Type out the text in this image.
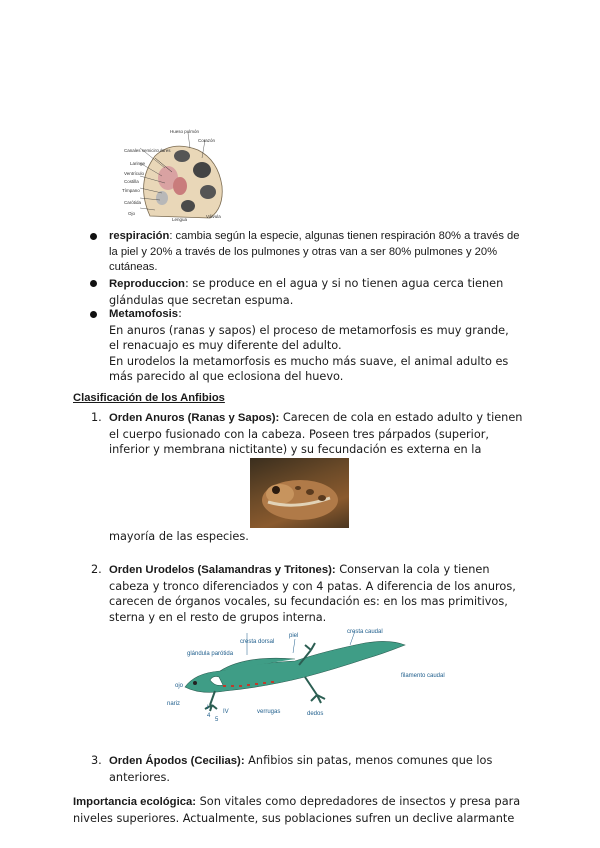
Hueso pulmón
Corazón
Canales semicirculares
Laringe
Ventrículo
Costilla
Tímpano
Carótida
Ojo
Lengua
Válvula
respiración: cambia según la especie, algunas tienen respiración 80% a través de la piel y 20% a través de los pulmones y otras van a ser 80% pulmones y 20% cutáneas.
Reproduccion: se produce en el agua y si no tienen agua cerca tienen glándulas que secretan espuma.
Metamofosis:
En anuros (ranas y sapos) el proceso de metamorfosis es muy grande, el renacuajo es muy diferente del adulto.
En urodelos la metamorfosis es mucho más suave, el animal adulto es más parecido al que eclosiona del huevo.
Clasificación de los Anfibios
1. Orden Anuros (Ranas y Sapos): Carecen de cola en estado adulto y tienen el cuerpo fusionado con la cabeza. Poseen tres párpados (superior, inferior y membrana nictitante) y su fecundación es externa en la
mayoría de las especies.
2. Orden Urodelos (Salamandras y Tritones): Conservan la cola y tienen cabeza y tronco diferenciados y con 4 patas. A diferencia de los anuros, carecen de órganos vocales, su fecundación es: en los mas primitivos, sterna y en el resto de grupos interna.
cresta dorsal
piel
cresta caudal
glándula parótida
ojo
nariz
verrugas
filamento caudal
dedos
4
5
I
IV
3. Orden Ápodos (Cecilias): Anfibios sin patas, menos comunes que los anteriores.
Importancia ecológica: Son vitales como depredadores de insectos y presa para niveles superiores. Actualmente, sus poblaciones sufren un declive alarmante
